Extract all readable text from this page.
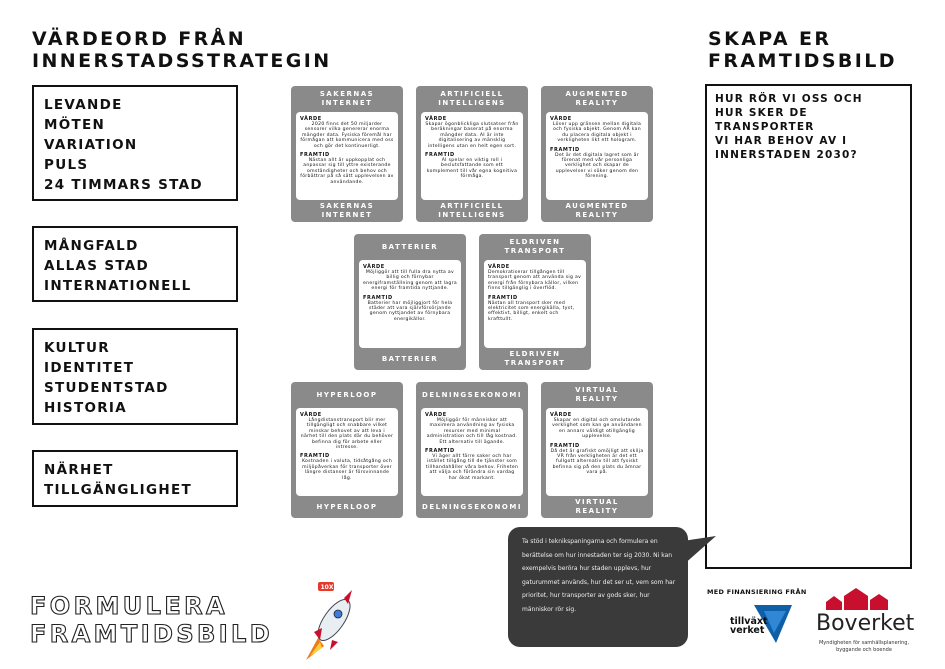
VÄRDEORD FRÅN
INNERSTADSSTRATEGIN
SKAPA ER
FRAMTIDSBILD
LEVANDE
MÖTEN
VARIATION
PULS
24 TIMMARS STAD
MÅNGFALD
ALLAS STAD
INTERNATIONELL
KULTUR
IDENTITET
STUDENTSTAD
HISTORIA
NÄRHET
TILLGÄNGLIGHET
SAKERNAS
INTERNET
VÄRDE
2020 finns det 50 miljarder sensorer vilka genererar enorma mängder data. Fysiska föremål har förmågan att kommunicera med oss och gör det kontinuerligt.
FRAMTID
Nästan allt är uppkopplat och anpassar sig till yttre existerande omständigheter och behov och förbättrar på så sätt upplevelsen av användande.
SAKERNAS
INTERNET
ARTIFICIELL
INTELLIGENS
VÄRDE
Skapar ögonblickliga slutsatser från beräkningar baserat på enorma mängder data. AI är inte digitalisering av mänsklig intelligens utan en helt egen sort.
FRAMTID
AI spelar en viktig roll i beslutsfattande som ett komplement till vår egna kognitiva förmåga.
ARTIFICIELL
INTELLIGENS
AUGMENTED
REALITY
VÄRDE
Löser upp gränsen mellan digitala och fysiska objekt. Genom AR kan du placera digitala objekt i verkligheten likt ett hologram.
FRAMTID
Det är det digitala lagret som är förenat med vår personliga verklighet och skapar de upplevelser vi söker genom den förening.
AUGMENTED
REALITY
BATTERIER
VÄRDE
Möjliggör att till fulla dra nytta av billig och förnybar energiframställning genom att lagra energi för framtida nyttjande.
FRAMTID
Batterier har möjliggjort för hela städer att vara självförsörjande genom nyttjandet av förnybara energikällor.
BATTERIER
ELDRIVEN
TRANSPORT
VÄRDE
Demokratiserar tillgången till transport genom att använda sig av energi från förnybara källor, vilken finns tillgänglig i överflöd.
FRAMTID
Nästan all transport sker med elektricitet som energikälla, tyst, effektivt, billigt, enkelt och krafttullt.
ELDRIVEN
TRANSPORT
HYPERLOOP
VÄRDE
Långdistanstransport blir mer tillgängligt och snabbare vilket minskar behovet av att leva i närhet till den plats där du behöver befinna dig för arbete eller intresse.
FRAMTID
Kostnaden i valuta, tidsåtgång och miljöpåverkan för transporter över längre distanser är försvinnande låg.
HYPERLOOP
DELNINGSEKONOMI
VÄRDE
Möjliggör för människor att maximera användning av fysiska resurser med minimal administration och till låg kostnad. Ett alternativ till ägande.
FRAMTID
Vi äger allt färre saker och har istället tillgång till de tjänster som tillhandahåller våra behov. Friheten att välja och förändra sin vardag har ökat markant.
DELNINGSEKONOMI
VIRTUAL
REALITY
VÄRDE
Skapar en digital och omslutande verklighet som kan ge användaren en annars väldigt otillgänglig upplevelse.
FRAMTID
Då det är grafiskt omöjligt att skilja VR från verkligheten är det ett fullgott alternativ till att fysiskt befinna sig på den plats du ämnar vara på.
VIRTUAL
REALITY
HUR RÖR VI OSS OCH
HUR SKER DE TRANSPORTER
VI HAR BEHOV AV I
INNERSTADEN 2030?
Ta stöd i teknikspaningarna och formulera en berättelse om hur innestaden ter sig 2030. Ni kan exempelvis beröra hur staden upplevs, hur gaturummet används, hur det ser ut, vem som har prioritet, hur transporter av gods sker, hur människor rör sig.
FORMULERA
FRAMTIDSBILD
10X
MED FINANSIERING FRÅN
tillväxt
verket Boverket
Myndigheten för samhällsplanering,
byggande och boende
